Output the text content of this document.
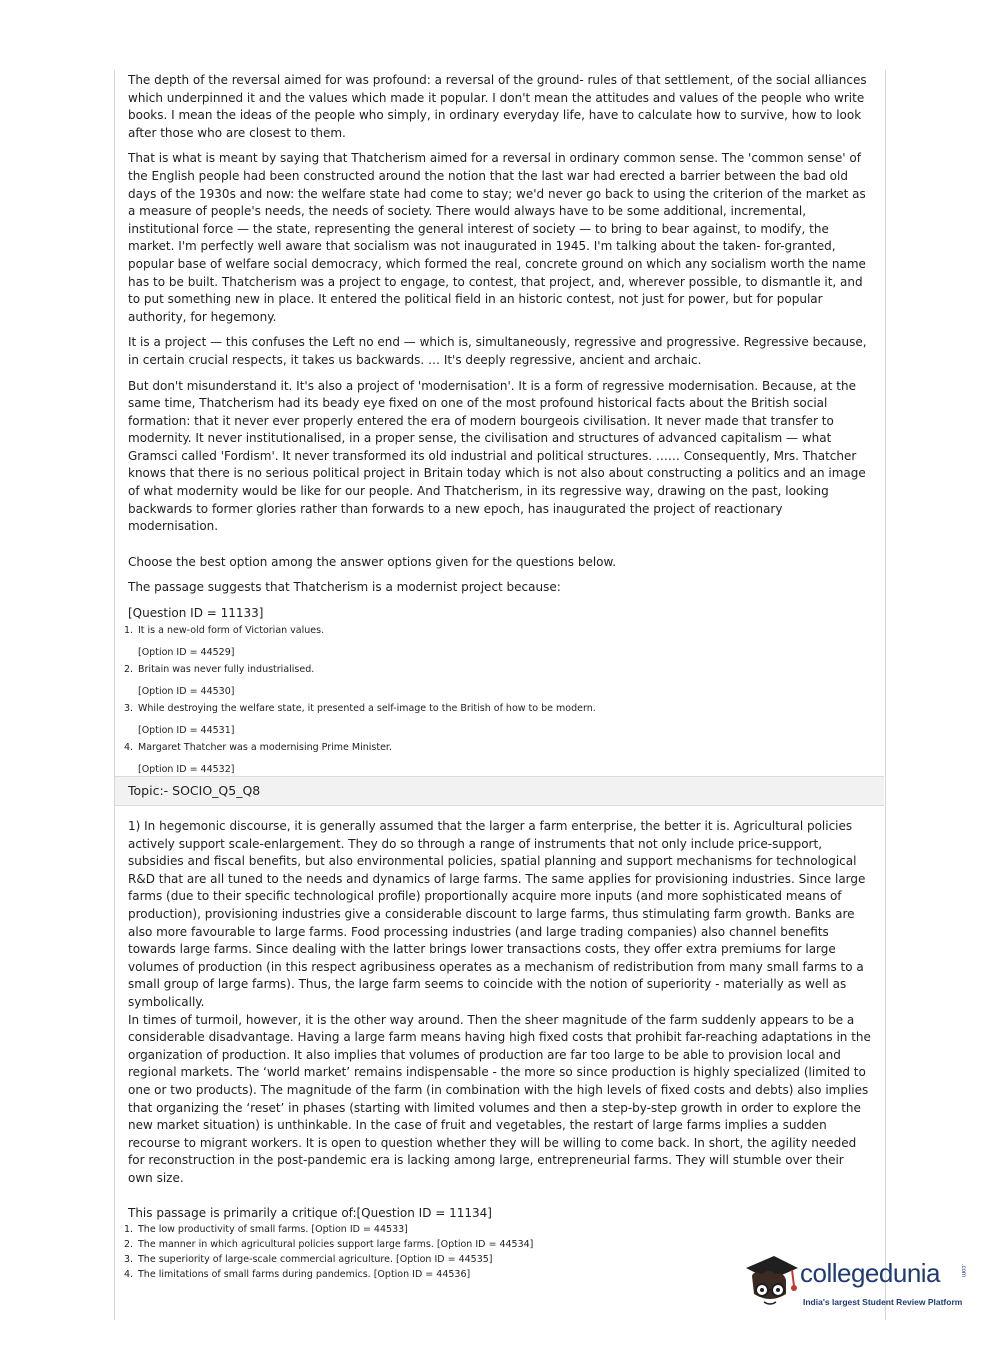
The depth of the reversal aimed for was profound: a reversal of the ground- rules of that settlement, of the social alliances which underpinned it and the values which made it popular. I don't mean the attitudes and values of the people who write books. I mean the ideas of the people who simply, in ordinary everyday life, have to calculate how to survive, how to look after those who are closest to them.

That is what is meant by saying that Thatcherism aimed for a reversal in ordinary common sense. The 'common sense' of the English people had been constructed around the notion that the last war had erected a barrier between the bad old days of the 1930s and now: the welfare state had come to stay; we'd never go back to using the criterion of the market as a measure of people's needs, the needs of society. There would always have to be some additional, incremental, institutional force — the state, representing the general interest of society — to bring to bear against, to modify, the market. I'm perfectly well aware that socialism was not inaugurated in 1945. I'm talking about the taken- for-granted, popular base of welfare social democracy, which formed the real, concrete ground on which any socialism worth the name has to be built. Thatcherism was a project to engage, to contest, that project, and, wherever possible, to dismantle it, and to put something new in place. It entered the political field in an historic contest, not just for power, but for popular authority, for hegemony.

It is a project — this confuses the Left no end — which is, simultaneously, regressive and progressive. Regressive because, in certain crucial respects, it takes us backwards. … It's deeply regressive, ancient and archaic.

But don't misunderstand it. It's also a project of 'modernisation'. It is a form of regressive modernisation. Because, at the same time, Thatcherism had its beady eye fixed on one of the most profound historical facts about the British social formation: that it never ever properly entered the era of modern bourgeois civilisation. It never made that transfer to modernity. It never institutionalised, in a proper sense, the civilisation and structures of advanced capitalism — what Gramsci called 'Fordism'. It never transformed its old industrial and political structures. …… Consequently, Mrs. Thatcher knows that there is no serious political project in Britain today which is not also about constructing a politics and an image of what modernity would be like for our people. And Thatcherism, in its regressive way, drawing on the past, looking backwards to former glories rather than forwards to a new epoch, has inaugurated the project of reactionary modernisation.

Choose the best option among the answer options given for the questions below.

The passage suggests that Thatcherism is a modernist project because:

[Question ID = 11133]

1. It is a new-old form of Victorian values.
[Option ID = 44529]
2. Britain was never fully industrialised.
[Option ID = 44530]
3. While destroying the welfare state, it presented a self-image to the British of how to be modern.
[Option ID = 44531]
4. Margaret Thatcher was a modernising Prime Minister.
[Option ID = 44532]
Topic:- SOCIO_Q5_Q8

1) In hegemonic discourse, it is generally assumed that the larger a farm enterprise, the better it is. Agricultural policies actively support scale-enlargement. They do so through a range of instruments that not only include price-support, subsidies and fiscal benefits, but also environmental policies, spatial planning and support mechanisms for technological R&D that are all tuned to the needs and dynamics of large farms. The same applies for provisioning industries. Since large farms (due to their specific technological profile) proportionally acquire more inputs (and more sophisticated means of production), provisioning industries give a considerable discount to large farms, thus stimulating farm growth. Banks are also more favourable to large farms. Food processing industries (and large trading companies) also channel benefits towards large farms. Since dealing with the latter brings lower transactions costs, they offer extra premiums for large volumes of production (in this respect agribusiness operates as a mechanism of redistribution from many small farms to a small group of large farms). Thus, the large farm seems to coincide with the notion of superiority - materially as well as symbolically.

In times of turmoil, however, it is the other way around. Then the sheer magnitude of the farm suddenly appears to be a considerable disadvantage. Having a large farm means having high fixed costs that prohibit far-reaching adaptations in the organization of production. It also implies that volumes of production are far too large to be able to provision local and regional markets. The ‘world market’ remains indispensable - the more so since production is highly specialized (limited to one or two products). The magnitude of the farm (in combination with the high levels of fixed costs and debts) also implies that organizing the ‘reset’ in phases (starting with limited volumes and then a step-by-step growth in order to explore the new market situation) is unthinkable. In the case of fruit and vegetables, the restart of large farms implies a sudden recourse to migrant workers. It is open to question whether they will be willing to come back. In short, the agility needed for reconstruction in the post-pandemic era is lacking among large, entrepreneurial farms. They will stumble over their own size.

This passage is primarily a critique of:[Question ID = 11134]

1. The low productivity of small farms. [Option ID = 44533]
2. The manner in which agricultural policies support large farms. [Option ID = 44534]
3. The superiority of large-scale commercial agriculture. [Option ID = 44535]
4. The limitations of small farms during pandemics. [Option ID = 44536]	collegedunia	.com
India's largest Student Review Platform
